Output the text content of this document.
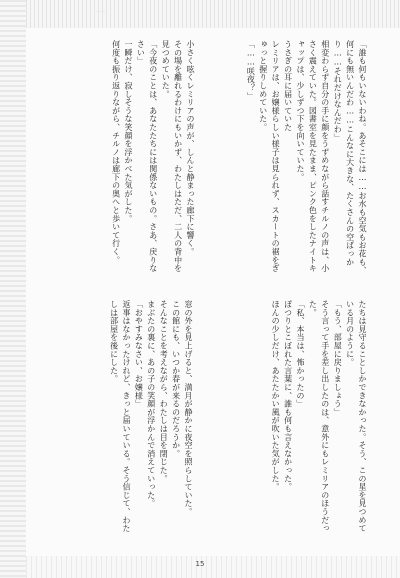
「誰も何もいないわね。あそこには……お水も空気もお花も、何にも無いんだわ……こんなに大きな、たくさんの空ばっかり……それだけなんだわ」

相変わらず自分の手に顔をうずめながら話すチルノの声は、小さく震えていた。図書室を見たまま、ピンク色をしたナイトキャップは、少しずつ下を向いていた。

うさぎの耳に届いていた

レミリアは、お嬢様らしい様子は見られず、スカートの裾をぎゅっと握りしめていた。

「……咲夜？」

小さく呟くレミリアの声が、しんと静まった廊下に響く。

その場を離れるわけにもいかず、わたしはただ、二人の背中を見つめていた。

「今夜のことは、あなたたちには関係ないもの。さあ、戻りなさい」

一瞬だけ、寂しそうな笑顔を浮かべた気がした。

何度も振り返りながら、チルノは廊下の奥へと歩いて行く。

たちは見守ることしかできなかった。そう、この星を見つめている月のように。

「もう、部屋に戻りましょう」

そう言って手を差し出したのは、意外にもレミリアのほうだった。

「私、本当は、怖かったの」

ぽつりとこぼれた言葉に、誰も何も言えなかった。

ほんの少しだけ、あたたかい風が吹いた気がした。

窓の外を見上げると、満月が静かに夜空を照らしていた。

この館にも、いつか春が来るのだろうか。

そんなことを考えながら、わたしは目を閉じた。

まぶたの裏に、あの子の笑顔が浮かんで消えていった。

「おやすみなさい、お嬢様」

返事はなかったけれど、きっと届いている。そう信じて、わたしは部屋を後にした。

15
